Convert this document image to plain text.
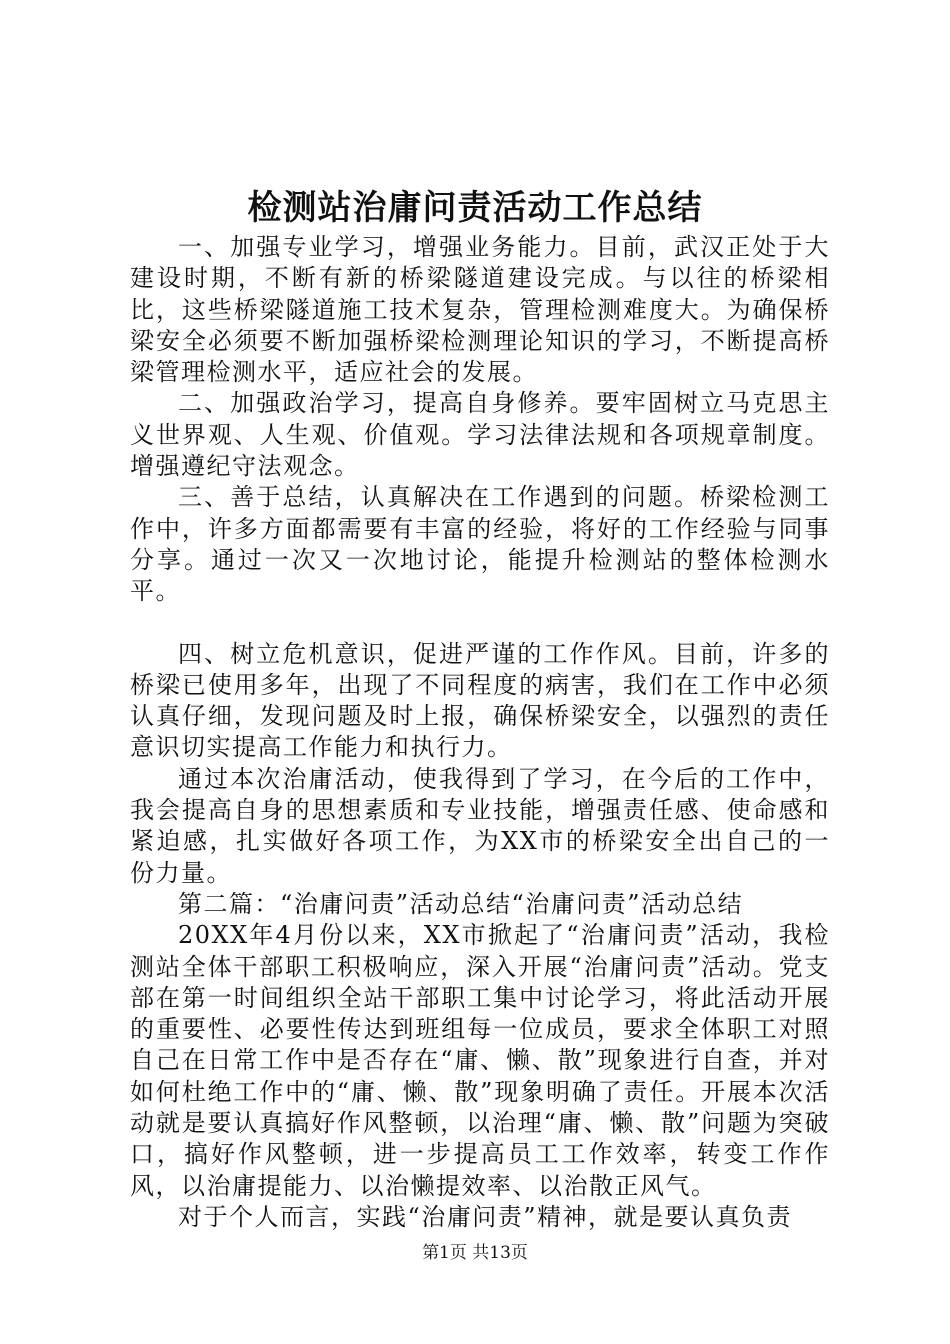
检测站治庸问责活动工作总结

一、加强专业学习，增强业务能力。目前，武汉正处于大建设时期，不断有新的桥梁隧道建设完成。与以往的桥梁相比，这些桥梁隧道施工技术复杂，管理检测难度大。为确保桥梁安全必须要不断加强桥梁检测理论知识的学习，不断提高桥梁管理检测水平，适应社会的发展。

二、加强政治学习，提高自身修养。要牢固树立马克思主义世界观、人生观、价值观。学习法律法规和各项规章制度。增强遵纪守法观念。

三、善于总结，认真解决在工作遇到的问题。桥梁检测工作中，许多方面都需要有丰富的经验，将好的工作经验与同事分享。通过一次又一次地讨论，能提升检测站的整体检测水平。

四、树立危机意识，促进严谨的工作作风。目前，许多的桥梁已使用多年，出现了不同程度的病害，我们在工作中必须认真仔细，发现问题及时上报，确保桥梁安全，以强烈的责任意识切实提高工作能力和执行力。

通过本次治庸活动，使我得到了学习，在今后的工作中，我会提高自身的思想素质和专业技能，增强责任感、使命感和紧迫感，扎实做好各项工作，为XX市的桥梁安全出自己的一份力量。

第二篇：“治庸问责”活动总结“治庸问责”活动总结

20XX年4月份以来，XX市掀起了“治庸问责”活动，我检测站全体干部职工积极响应，深入开展“治庸问责”活动。党支部在第一时间组织全站干部职工集中讨论学习，将此活动开展的重要性、必要性传达到班组每一位成员，要求全体职工对照自己在日常工作中是否存在“庸、懒、散”现象进行自查，并对如何杜绝工作中的“庸、懒、散”现象明确了责任。开展本次活动就是要认真搞好作风整顿，以治理“庸、懒、散”问题为突破口，搞好作风整顿，进一步提高员工工作效率，转变工作作风，以治庸提能力、以治懒提效率、以治散正风气。

对于个人而言，实践“治庸问责”精神，就是要认真负责

第1页 共13页
